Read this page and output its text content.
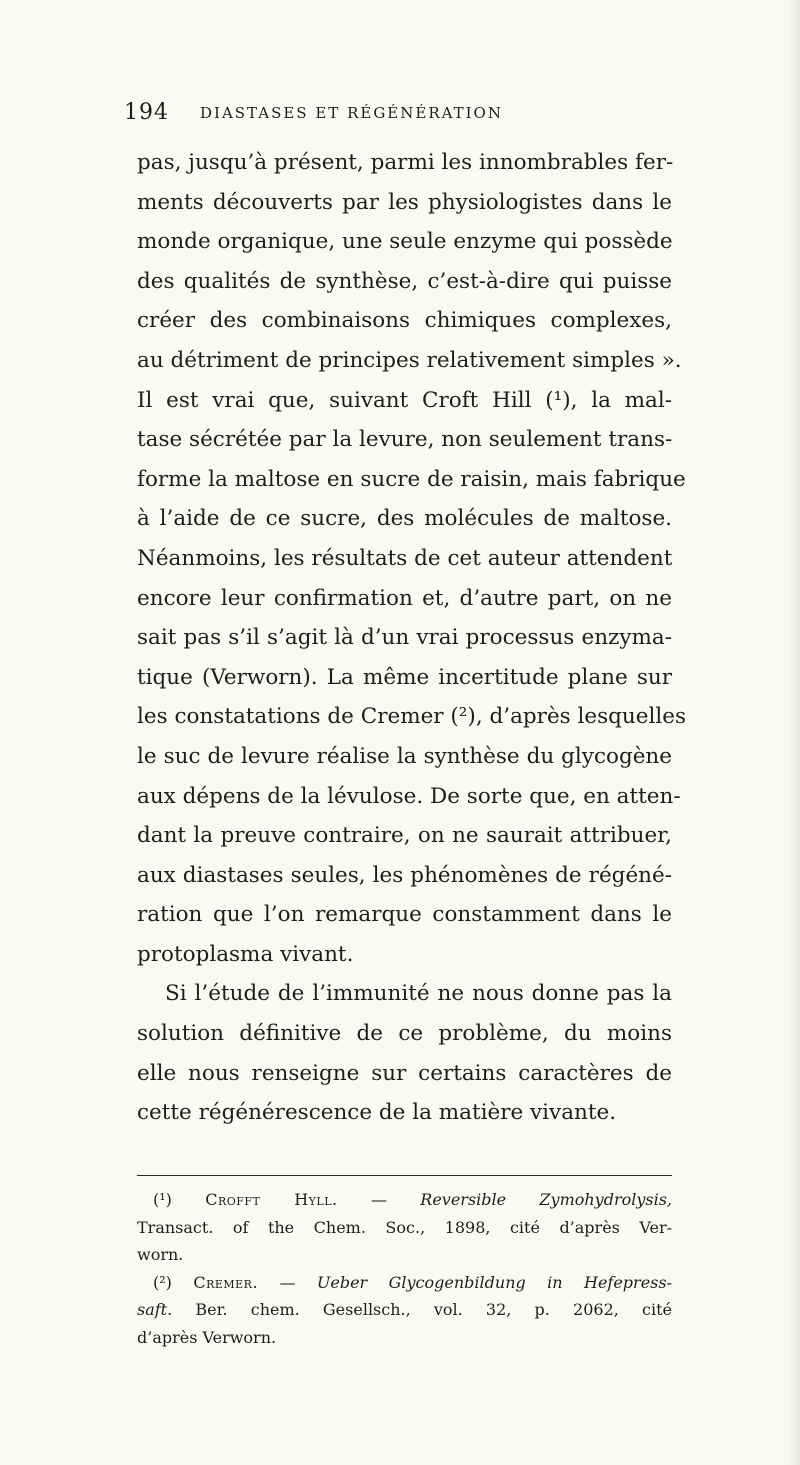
194 DIASTASES ET RÉGÉNÉRATION
pas, jusqu’à présent, parmi les innombrables fer-
ments découverts par les physiologistes dans le
monde organique, une seule enzyme qui possède
des qualités de synthèse, c’est-à-dire qui puisse
créer des combinaisons chimiques complexes,
au détriment de principes relativement simples ».
Il est vrai que, suivant Croft Hill (¹), la mal-
tase sécrétée par la levure, non seulement trans-
forme la maltose en sucre de raisin, mais fabrique
à l’aide de ce sucre, des molécules de maltose.
Néanmoins, les résultats de cet auteur attendent
encore leur confirmation et, d’autre part, on ne
sait pas s’il s’agit là d’un vrai processus enzyma-
tique (Verworn). La même incertitude plane sur
les constatations de Cremer (²), d’après lesquelles
le suc de levure réalise la synthèse du glycogène
aux dépens de la lévulose. De sorte que, en atten-
dant la preuve contraire, on ne saurait attribuer,
aux diastases seules, les phénomènes de régéné-
ration que l’on remarque constamment dans le
protoplasma vivant.
Si l’étude de l’immunité ne nous donne pas la
solution définitive de ce problème, du moins
elle nous renseigne sur certains caractères de
cette régénérescence de la matière vivante.
(¹) Crofft Hyll. — Reversible Zymohydrolysis,
Transact. of the Chem. Soc., 1898, cité d’après Ver-
worn.
(²) Cremer. — Ueber Glycogenbildung in Hefepress-
saft. Ber. chem. Gesellsch., vol. 32, p. 2062, cité
d’après Verworn.
